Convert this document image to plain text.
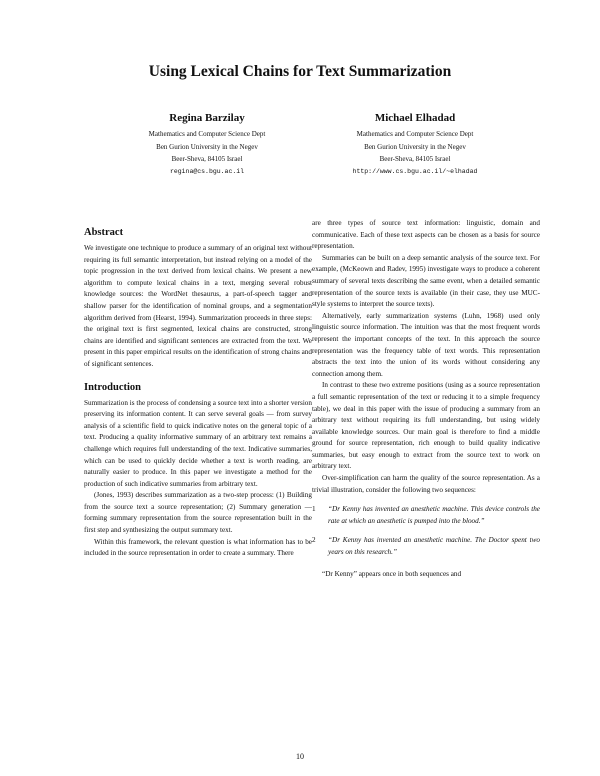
Using Lexical Chains for Text Summarization
Regina Barzilay
Mathematics and Computer Science Dept
Ben Gurion University in the Negev
Beer-Sheva, 84105 Israel
regina@cs.bgu.ac.il
Michael Elhadad
Mathematics and Computer Science Dept
Ben Gurion University in the Negev
Beer-Sheva, 84105 Israel
http://www.cs.bgu.ac.il/~elhadad
Abstract

We investigate one technique to produce a summary of an original text without requiring its full semantic interpretation, but instead relying on a model of the topic progression in the text derived from lexical chains. We present a new algorithm to compute lexical chains in a text, merging several robust knowledge sources: the WordNet thesaurus, a part-of-speech tagger and shallow parser for the identification of nominal groups, and a segmentation algorithm derived from (Hearst, 1994). Summarization proceeds in three steps: the original text is first segmented, lexical chains are constructed, strong chains are identified and significant sentences are extracted from the text. We present in this paper empirical results on the identification of strong chains and of significant sentences.

Introduction

Summarization is the process of condensing a source text into a shorter version preserving its information content. It can serve several goals — from survey analysis of a scientific field to quick indicative notes on the general topic of a text. Producing a quality informative summary of an arbitrary text remains a challenge which requires full understanding of the text. Indicative summaries, which can be used to quickly decide whether a text is worth reading, are naturally easier to produce. In this paper we investigate a method for the production of such indicative summaries from arbitrary text.

(Jones, 1993) describes summarization as a two-step process: (1) Building from the source text a source representation; (2) Summary generation — forming summary representation from the source representation built in the first step and synthesizing the output summary text.

Within this framework, the relevant question is what information has to be included in the source representation in order to create a summary. There

are three types of source text information: linguistic, domain and communicative. Each of these text aspects can be chosen as a basis for source representation.

Summaries can be built on a deep semantic analysis of the source text. For example, (McKeown and Radev, 1995) investigate ways to produce a coherent summary of several texts describing the same event, when a detailed semantic representation of the source texts is available (in their case, they use MUC-style systems to interpret the source texts).

Alternatively, early summarization systems (Luhn, 1968) used only linguistic source information. The intuition was that the most frequent words represent the important concepts of the text. In this approach the source representation was the frequency table of text words. This representation abstracts the text into the union of its words without considering any connection among them.

In contrast to these two extreme positions (using as a source representation a full semantic representation of the text or reducing it to a simple frequency table), we deal in this paper with the issue of producing a summary from an arbitrary text without requiring its full understanding, but using widely available knowledge sources. Our main goal is therefore to find a middle ground for source representation, rich enough to build quality indicative summaries, but easy enough to extract from the source text to work on arbitrary text.

Over-simplification can harm the quality of the source representation. As a trivial illustration, consider the following two sequences:

1	“Dr Kenny has invented an anesthetic machine. This device controls the rate at which an anesthetic is pumped into the blood.”
2	“Dr Kenny has invented an anesthetic machine. The Doctor spent two years on this research.”

“Dr Kenny” appears once in both sequences and

10
